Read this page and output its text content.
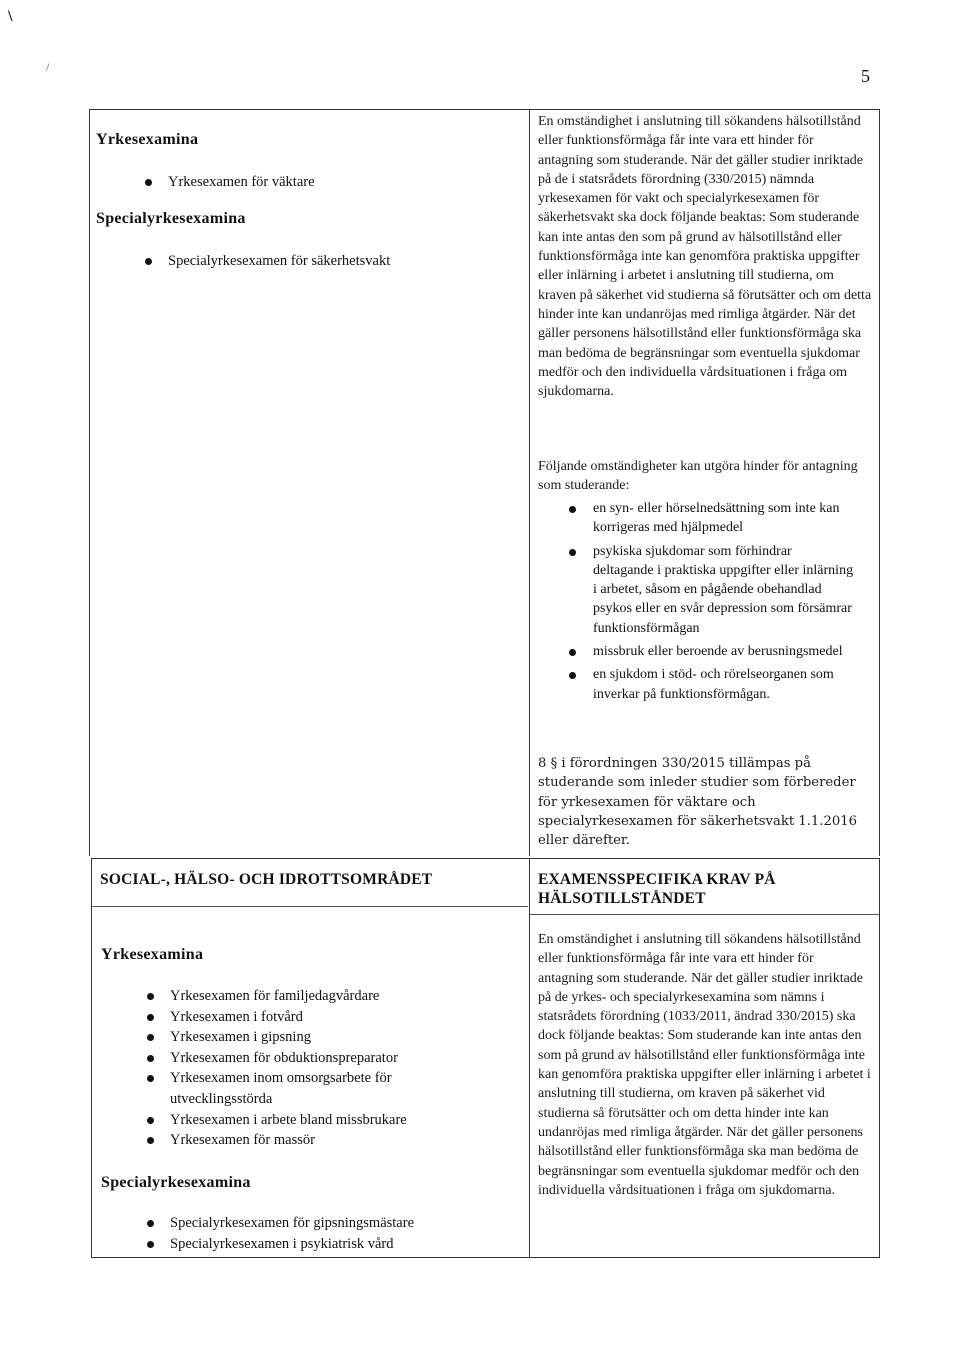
\
/	5
Yrkesexamina
Yrkesexamen för väktare
Specialyrkesexamina
Specialyrkesexamen för säkerhetsvakt
En omständighet i anslutning till sökandens hälsotillstånd eller funktionsförmåga får inte vara ett hinder för antagning som studerande. När det gäller studier inriktade på de i statsrådets förordning (330/2015) nämnda yrkesexamen för vakt och specialyrkesexamen för säkerhetsvakt ska dock följande beaktas: Som studerande kan inte antas den som på grund av hälsotillstånd eller funktionsförmåga inte kan genomföra praktiska uppgifter eller inlärning i arbetet i anslutning till studierna, om kraven på säkerhet vid studierna så förutsätter och om detta hinder inte kan undanröjas med rimliga åtgärder. När det gäller personens hälsotillstånd eller funktionsförmåga ska man bedöma de begränsningar som eventuella sjukdomar medför och den individuella vårdsituationen i fråga om sjukdomarna.
Följande omständigheter kan utgöra hinder för antagning som studerande:
en syn- eller hörselnedsättning som inte kan korrigeras med hjälpmedel
psykiska sjukdomar som förhindrar deltagande i praktiska uppgifter eller inlärning i arbetet, såsom en pågående obehandlad psykos eller en svår depression som försämrar funktionsförmågan
missbruk eller beroende av berusningsmedel
en sjukdom i stöd- och rörelseorganen som inverkar på funktionsförmågan.
8 § i förordningen 330/2015 tillämpas på studerande som inleder studier som förbereder för yrkesexamen för väktare och specialyrkesexamen för säkerhetsvakt 1.1.2016 eller därefter.
SOCIAL-, HÄLSO- OCH IDROTTSOMRÅDET
Yrkesexamina
Yrkesexamen för familjedagvårdare
Yrkesexamen i fotvård
Yrkesexamen i gipsning
Yrkesexamen för obduktionspreparator
Yrkesexamen inom omsorgsarbete för utvecklingsstörda
Yrkesexamen i arbete bland missbrukare
Yrkesexamen för massör
Specialyrkesexamina
Specialyrkesexamen för gipsningsmästare
Specialyrkesexamen i psykiatrisk vård
EXAMENSSPECIFIKA KRAV PÅ HÄLSOTILLSTÅNDET
En omständighet i anslutning till sökandens hälsotillstånd eller funktionsförmåga får inte vara ett hinder för antagning som studerande. När det gäller studier inriktade på de yrkes- och specialyrkesexamina som nämns i statsrådets förordning (1033/2011, ändrad 330/2015) ska dock följande beaktas: Som studerande kan inte antas den som på grund av hälsotillstånd eller funktionsförmåga inte kan genomföra praktiska uppgifter eller inlärning i arbetet i anslutning till studierna, om kraven på säkerhet vid studierna så förutsätter och om detta hinder inte kan undanröjas med rimliga åtgärder. När det gäller personens hälsotillstånd eller funktionsförmåga ska man bedöma de begränsningar som eventuella sjukdomar medför och den individuella vårdsituationen i fråga om sjukdomarna.
